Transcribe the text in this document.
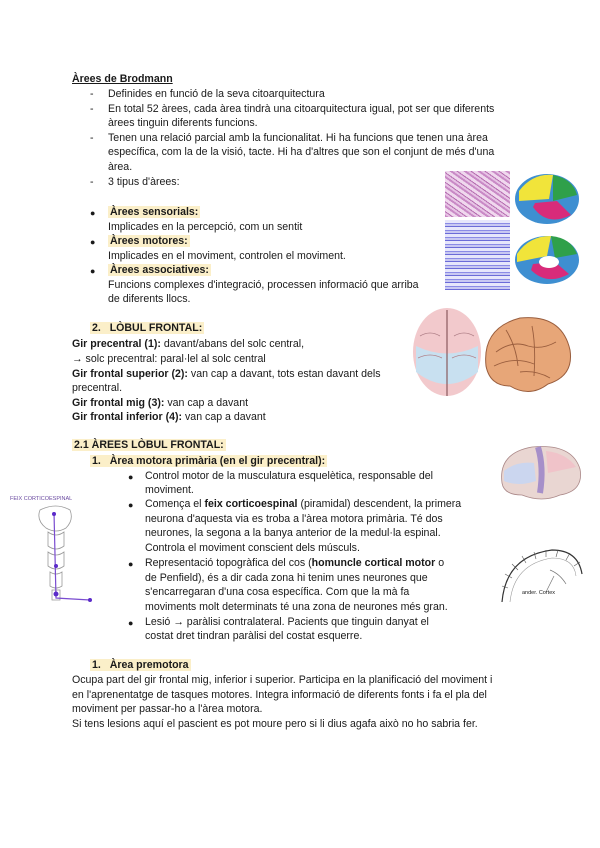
Àrees de Brodmann
- Definides en funció de la seva citoarquitectura
- En total 52 àrees, cada àrea tindrà una citoarquitectura igual, pot ser que diferents
àrees tinguin diferents funcions.
- Tenen una relació parcial amb la funcionalitat. Hi ha funcions que tenen una àrea
específica, com la de la visió, tacte. Hi ha d'altres que son el conjunt de més d'una
àrea.
- 3 tipus d'àrees:
● Àrees sensorials:
Implicades en la percepció, com un sentit
● Àrees motores:
Implicades en el moviment, controlen el moviment.
● Àrees associatives:
Funcions complexes d'integració, processen informació que arriba
de diferents llocs.
2. LÒBUL FRONTAL:
Gir precentral (1): davant/abans del solc central,
→ solc precentral: paral·lel al solc central
Gir frontal superior (2): van cap a davant, tots estan davant dels
precentral.
Gir frontal mig (3): van cap a davant
Gir frontal inferior (4): van cap a davant
2.1 ÀREES LÒBUL FRONTAL:
1. Àrea motora primària (en el gir precentral):
● Control motor de la musculatura esquelètica, responsable del
moviment.
● Comença el feix corticoespinal (piramidal) descendent, la primera
neurona d'aquesta via es troba a l'àrea motora primària. Té dos
neurones, la segona a la banya anterior de la medul·la espinal.
Controla el moviment conscient dels músculs.
● Representació topogràfica del cos (homuncle cortical motor o
de Penfield), és a dir cada zona hi tenim unes neurones que
s'encarregaran d'una cosa específica. Com que la mà fa
moviments molt determinats té una zona de neurones més gran.
● Lesió → paràlisi contralateral. Pacients que tinguin danyat el
costat dret tindran paràlisi del costat esquerre.
FEIX CORTICOESPINAL
ander. Cortex
1. Àrea premotora
Ocupa part del gir frontal mig, inferior i superior. Participa en la planificació del moviment i
en l'aprenentatge de tasques motores. Integra informació de diferents fonts i fa el pla del
moviment per passar-ho a l'àrea motora.
Si tens lesions aquí el pascient es pot moure pero si li dius agafa això no ho sabria fer.
